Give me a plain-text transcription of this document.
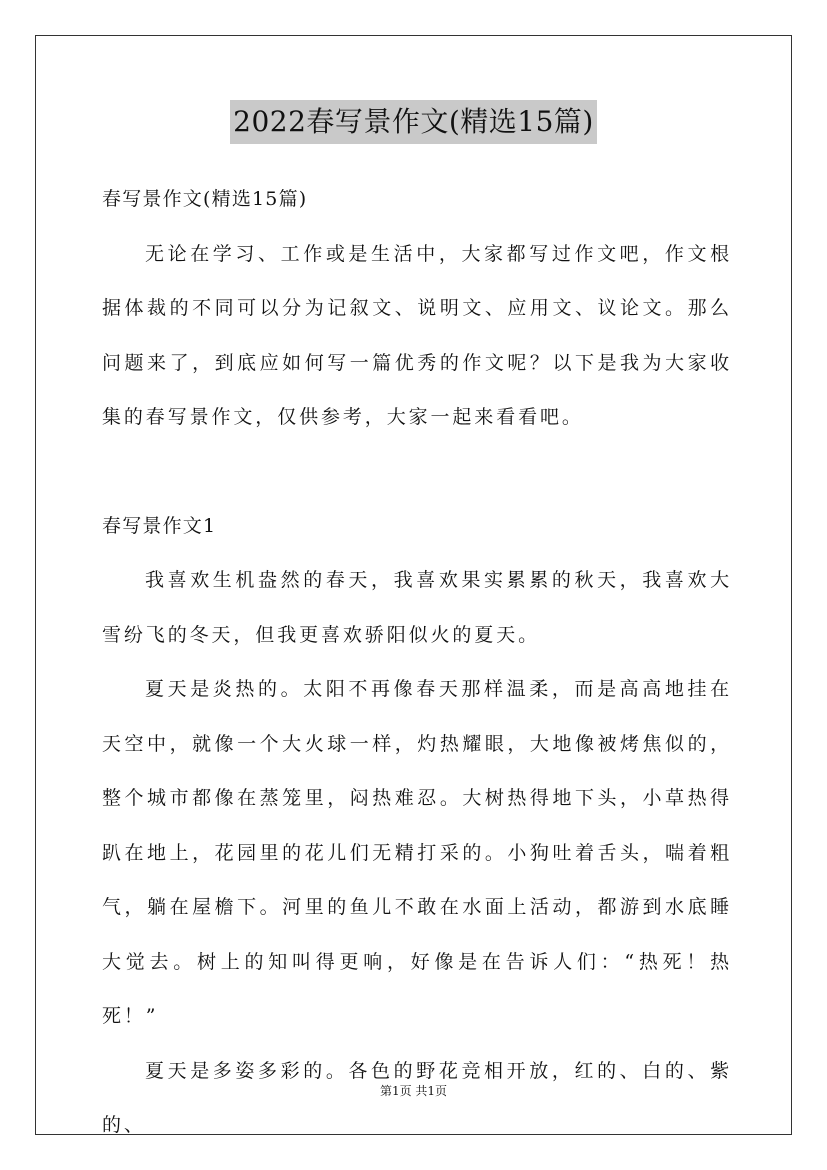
2022春写景作文(精选15篇)

春写景作文(精选15篇)

无论在学习、工作或是生活中，大家都写过作文吧，作文根据体裁的不同可以分为记叙文、说明文、应用文、议论文。那么问题来了，到底应如何写一篇优秀的作文呢？以下是我为大家收集的春写景作文，仅供参考，大家一起来看看吧。

春写景作文1

我喜欢生机盎然的春天，我喜欢果实累累的秋天，我喜欢大雪纷飞的冬天，但我更喜欢骄阳似火的夏天。

夏天是炎热的。太阳不再像春天那样温柔，而是高高地挂在天空中，就像一个大火球一样，灼热耀眼，大地像被烤焦似的，整个城市都像在蒸笼里，闷热难忍。大树热得地下头，小草热得趴在地上，花园里的花儿们无精打采的。小狗吐着舌头，喘着粗气，躺在屋檐下。河里的鱼儿不敢在水面上活动，都游到水底睡大觉去。树上的知叫得更响，好像是在告诉人们：“热死！热死！”

夏天是多姿多彩的。各色的野花竞相开放，红的、白的、紫的、

第1页 共1页
